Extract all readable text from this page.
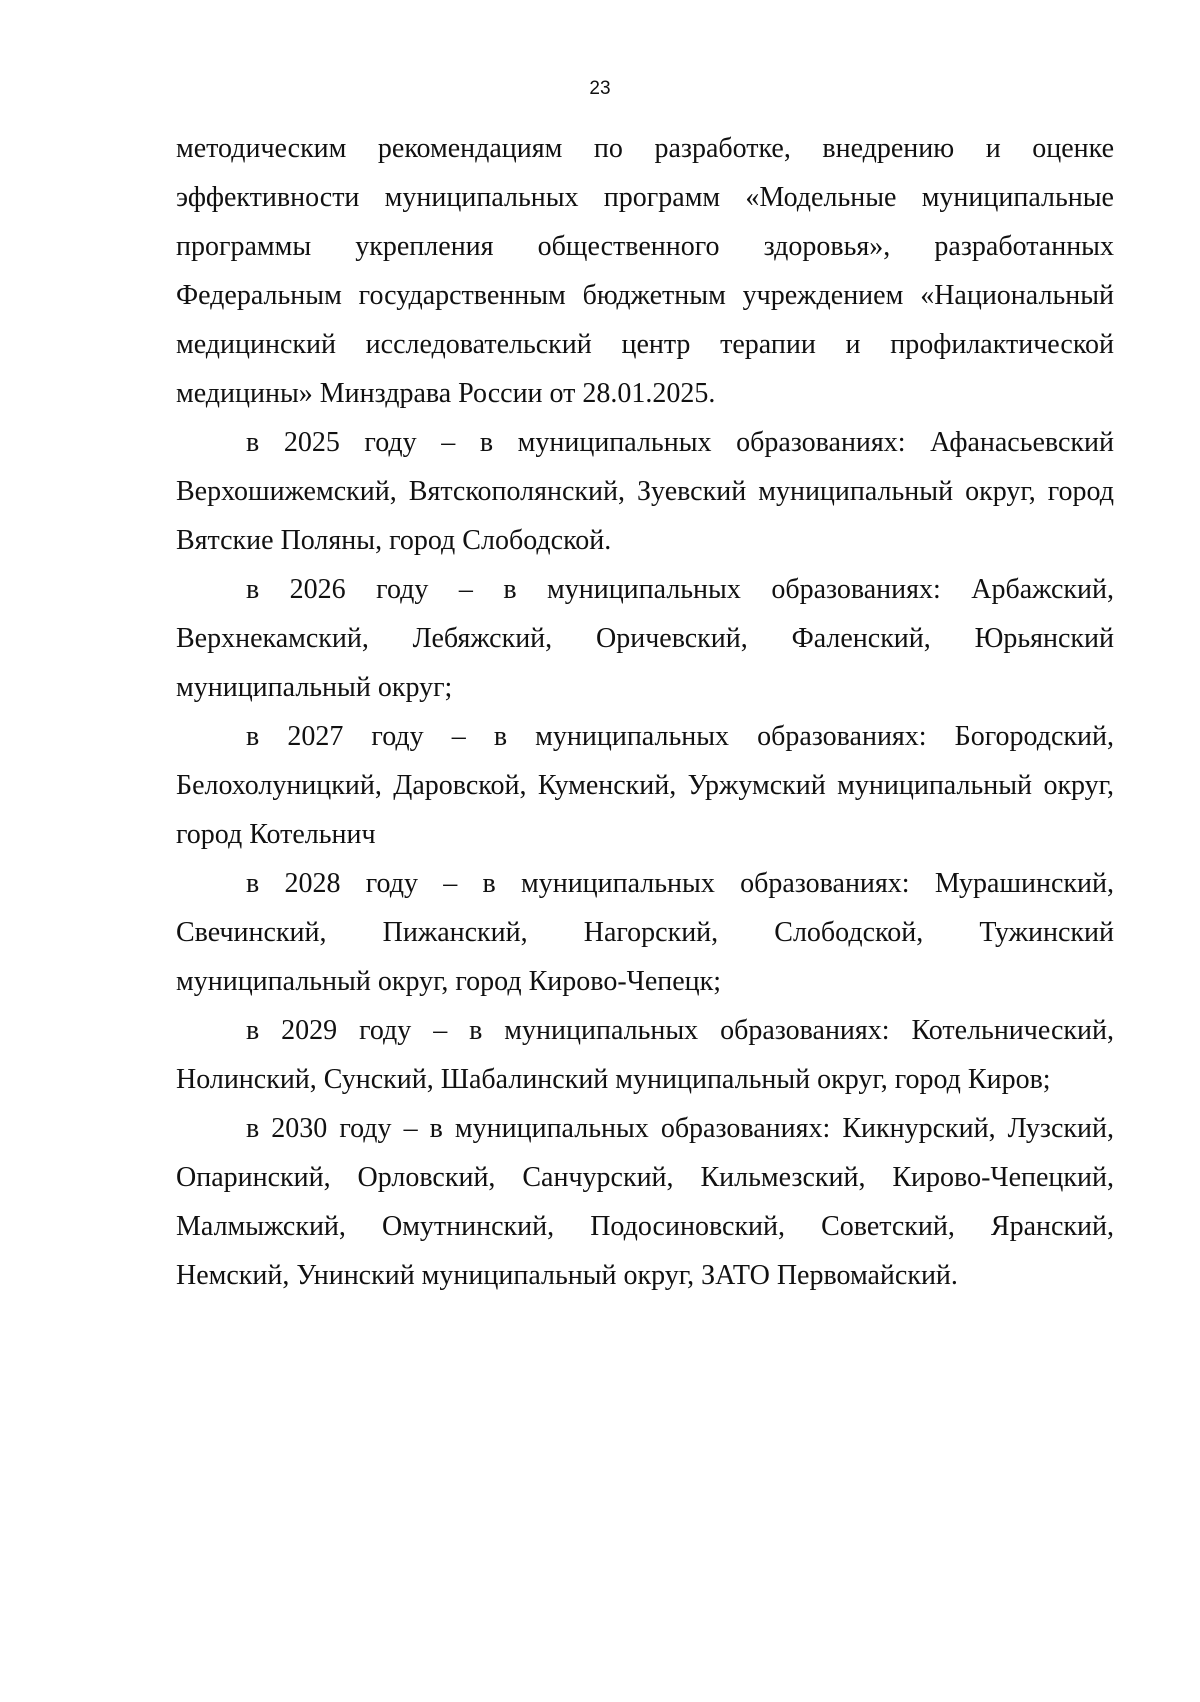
23

методическим рекомендациям по разработке, внедрению и оценке эффективности муниципальных программ «Модельные муниципальные программы укрепления общественного здоровья», разработанных Федеральным государственным бюджетным учреждением «Национальный медицинский исследовательский центр терапии и профилактической медицины» Минздрава России от 28.01.2025.

в 2025 году – в муниципальных образованиях: Афанасьевский Верхошижемский, Вятскополянский, Зуевский муниципальный округ, город Вятские Поляны, город Слободской.

в 2026 году – в муниципальных образованиях: Арбажский, Верхнекамский, Лебяжский, Оричевский, Фаленский, Юрьянский муниципальный округ;

в 2027 году – в муниципальных образованиях: Богородский, Белохолуницкий, Даровской, Куменский, Уржумский муниципальный округ, город Котельнич

в 2028 году – в муниципальных образованиях: Мурашинский, Свечинский, Пижанский, Нагорский, Слободской, Тужинский муниципальный округ, город Кирово-Чепецк;

в 2029 году – в муниципальных образованиях: Котельнический, Нолинский, Сунский, Шабалинский муниципальный округ, город Киров;

в 2030 году – в муниципальных образованиях: Кикнурский, Лузский, Опаринский, Орловский, Санчурский, Кильмезский, Кирово-Чепецкий, Малмыжский, Омутнинский, Подосиновский, Советский, Яранский, Немский, Унинский муниципальный округ, ЗАТО Первомайский.
